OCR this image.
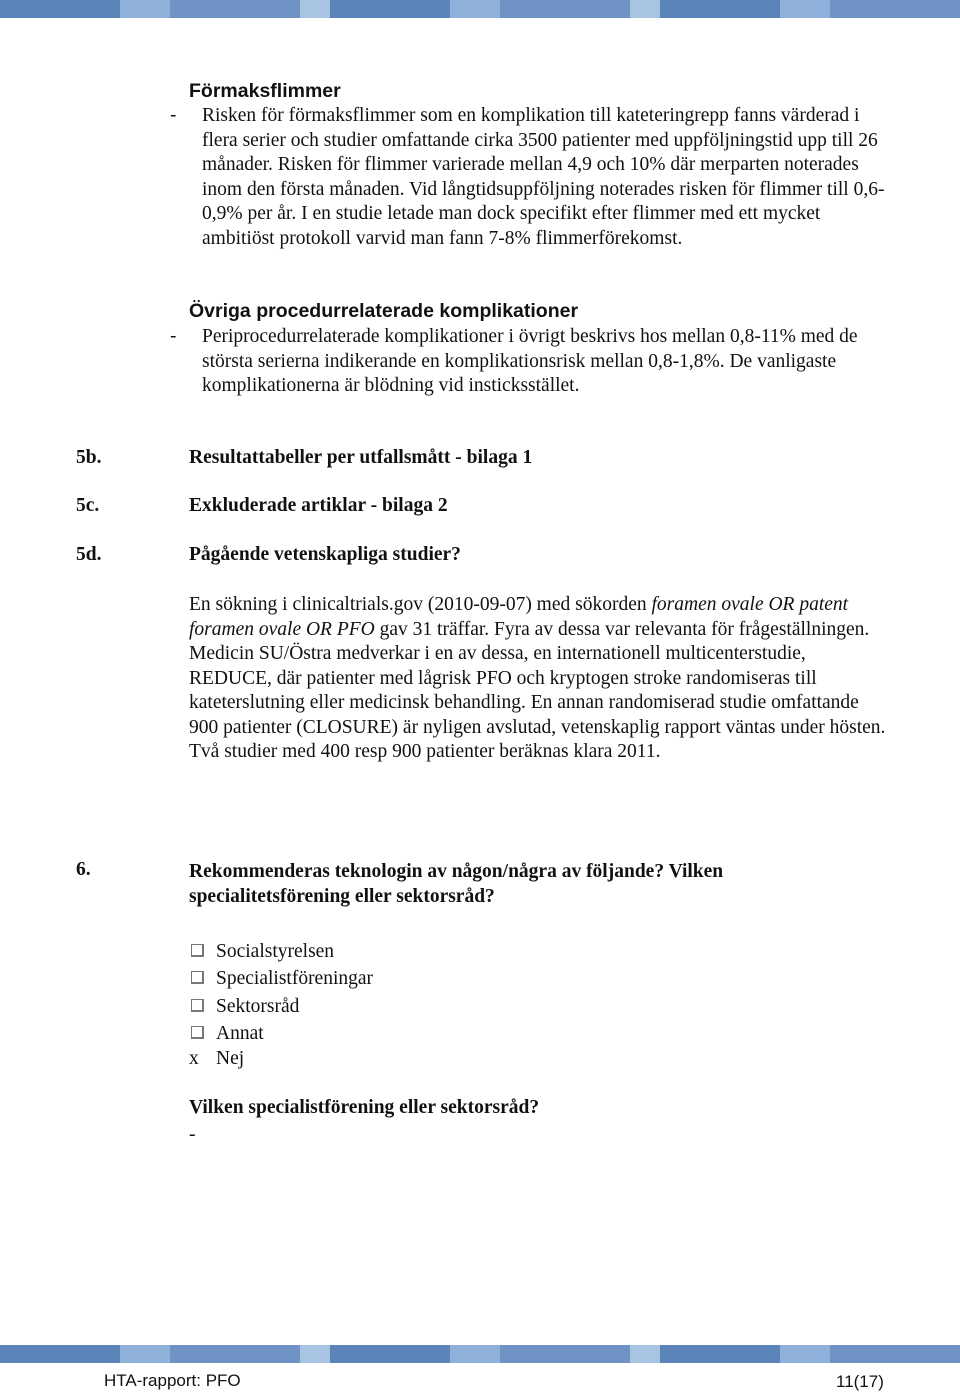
Förmaksflimmer
- Risken för förmaksflimmer som en komplikation till kateteringrepp fanns värderad i flera serier och studier omfattande cirka 3500 patienter med uppföljningstid upp till 26 månader. Risken för flimmer varierade mellan 4,9 och 10% där merparten noterades inom den första månaden. Vid långtidsuppföljning noterades risken för flimmer till 0,6-0,9% per år. I en studie letade man dock specifikt efter flimmer med ett mycket ambitiöst protokoll varvid man fann 7-8% flimmerförekomst.

Övriga procedurrelaterade komplikationer
- Periprocedurrelaterade komplikationer i övrigt beskrivs hos mellan 0,8-11% med de största serierna indikerande en komplikationsrisk mellan 0,8-1,8%. De vanligaste komplikationerna är blödning vid insticksstället.

5b.	Resultattabeller per utfallsmått - bilaga 1
5c.	Exkluderade artiklar - bilaga 2
5d.	Pågående vetenskapliga studier?

En sökning i clinicaltrials.gov (2010-09-07) med sökorden foramen ovale OR patent foramen ovale OR PFO gav 31 träffar. Fyra av dessa var relevanta för frågeställningen. Medicin SU/Östra medverkar i en av dessa, en internationell multicenterstudie, REDUCE, där patienter med lågrisk PFO och kryptogen stroke randomiseras till kateterslutning eller medicinsk behandling. En annan randomiserad studie omfattande 900 patienter (CLOSURE) är nyligen avslutad, vetenskaplig rapport väntas under hösten. Två studier med 400 resp 900 patienter beräknas klara 2011.

6.	Rekommenderas teknologin av någon/några av följande? Vilken
specialitetsförening eller sektorsråd?
Socialstyrelsen
Specialistföreningar
Sektorsråd
Annat
x Nej
Vilken specialistförening eller sektorsråd?
-
HTA-rapport: PFO	11(17)
